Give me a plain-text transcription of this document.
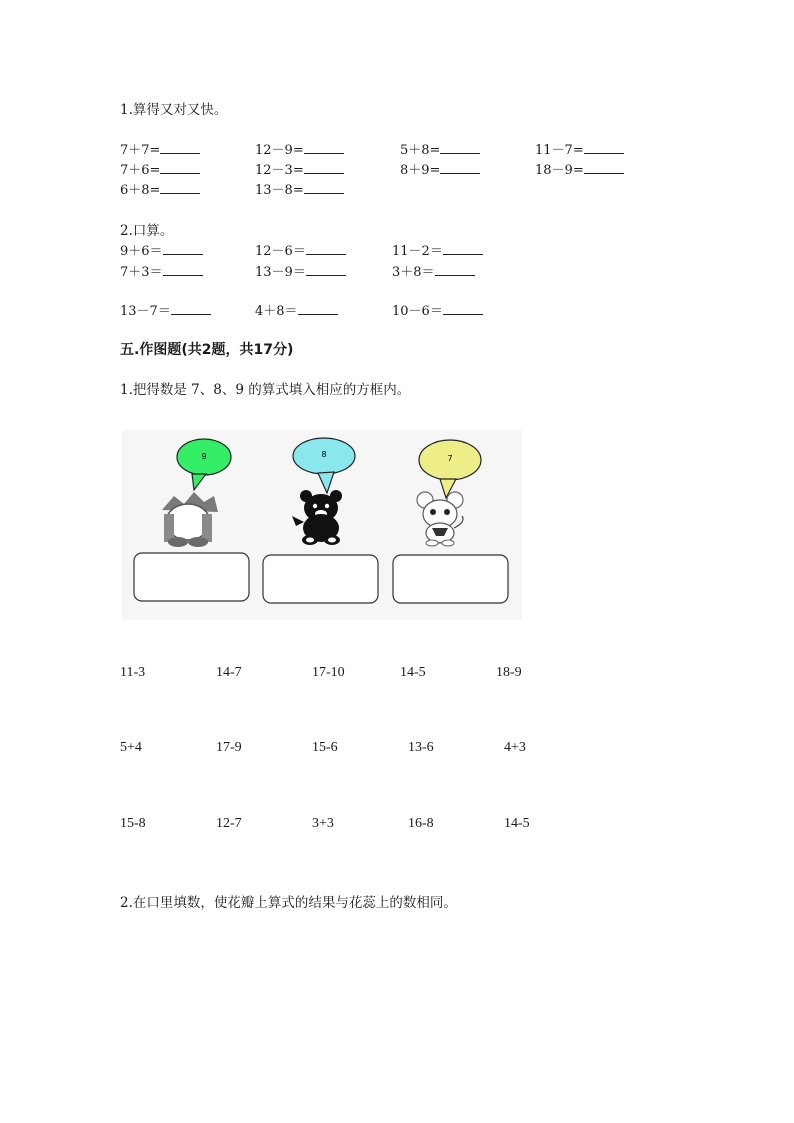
1.算得又对又快。
7＋7=	12－9=	5＋8=	11－7=
7＋6=	12－3=	8＋9=	18－9=
6＋8=	13－8=
2.口算。
9＋6＝	12－6＝	11－2＝
7＋3＝	13－9＝	3＋8＝
13－7＝	4＋8＝	10－6＝
五.作图题(共2题，共17分)
1.把得数是 7、8、9 的算式填入相应的方框内。
9	8	7
11-3	14-7	17-10	14-5	18-9
5+4	17-9	15-6	13-6	4+3
15-8	12-7	3+3	16-8	14-5
2.在口里填数，使花瓣上算式的结果与花蕊上的数相同。
